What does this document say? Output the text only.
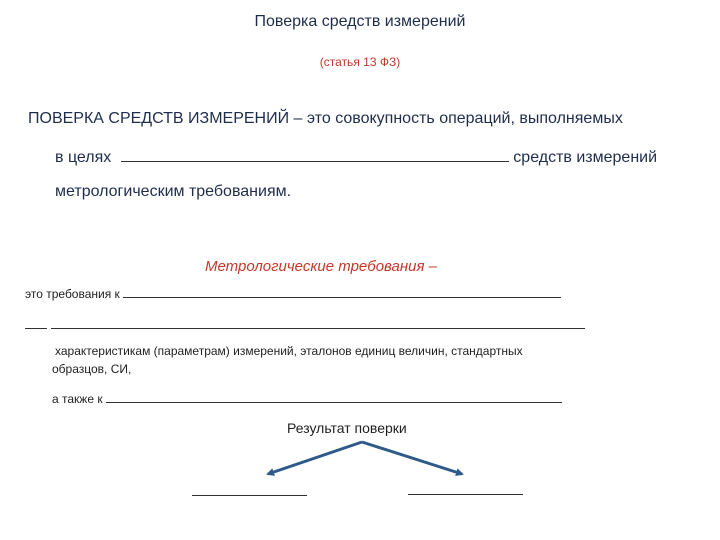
Поверка средств измерений
(статья 13 ФЗ)
ПОВЕРКА СРЕДСТВ ИЗМЕРЕНИЙ – это совокупность операций, выполняемых
в целях	средств измерений
метрологическим требованиям.
Метрологические требования –
это требования к
характеристикам (параметрам) измерений, эталонов единиц величин, стандартных
образцов, СИ,
а также к
Результат поверки
